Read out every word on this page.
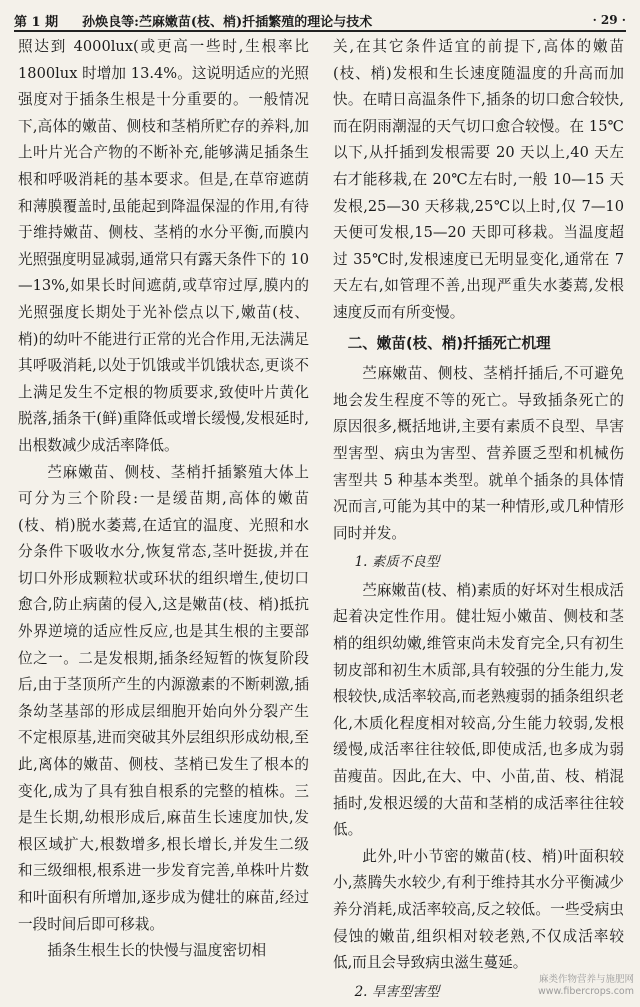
第 1 期 孙焕良等:苎麻嫩苗(枝、梢)扦插繁殖的理论与技术	· 29 ·

照达到 4000lux(或更高一些时,生根率比 1800lux 时增加 13.4%。这说明适应的光照强度对于插条生根是十分重要的。一般情况下,高体的嫩苗、侧枝和茎梢所贮存的养料,加上叶片光合产物的不断补充,能够满足插条生根和呼吸消耗的基本要求。但是,在草帘遮荫和薄膜覆盖时,虽能起到降温保湿的作用,有待于维持嫩苗、侧枝、茎梢的水分平衡,而膜内光照强度明显减弱,通常只有露天条件下的 10—13%,如果长时间遮荫,或草帘过厚,膜内的光照强度长期处于光补偿点以下,嫩苗(枝、梢)的幼叶不能进行正常的光合作用,无法满足其呼吸消耗,以处于饥饿或半饥饿状态,更谈不上满足发生不定根的物质要求,致使叶片黄化脱落,插条干(鲜)重降低或增长缓慢,发根延时,出根数减少成活率降低。

苎麻嫩苗、侧枝、茎梢扦插繁殖大体上可分为三个阶段:一是缓苗期,高体的嫩苗(枝、梢)脱水萎蔫,在适宜的温度、光照和水分条件下吸收水分,恢复常态,茎叶挺拔,并在切口外形成颗粒状或环状的组织增生,使切口愈合,防止病菌的侵入,这是嫩苗(枝、梢)抵抗外界逆境的适应性反应,也是其生根的主要部位之一。二是发根期,插条经短暂的恢复阶段后,由于茎顶所产生的内源激素的不断刺激,插条幼茎基部的形成层细胞开始向外分裂产生不定根原基,进而突破其外层组织形成幼根,至此,离体的嫩苗、侧枝、茎梢已发生了根本的变化,成为了具有独自根系的完整的植株。三是生长期,幼根形成后,麻苗生长速度加快,发根区域扩大,根数增多,根长增长,并发生二级和三级细根,根系进一步发育完善,单株叶片数和叶面积有所增加,逐步成为健壮的麻苗,经过一段时间后即可移栽。

插条生根生长的快慢与温度密切相

关,在其它条件适宜的前提下,高体的嫩苗(枝、梢)发根和生长速度随温度的升高而加快。在晴日高温条件下,插条的切口愈合较快,而在阴雨潮湿的天气切口愈合较慢。在 15℃以下,从扦插到发根需要 20 天以上,40 天左右才能移栽,在 20℃左右时,一般 10—15 天发根,25—30 天移栽,25℃以上时,仅 7—10 天便可发根,15—20 天即可移栽。当温度超过 35℃时,发根速度已无明显变化,通常在 7 天左右,如管理不善,出现严重失水萎蔫,发根速度反而有所变慢。

二、嫩苗(枝、梢)扦插死亡机理

苎麻嫩苗、侧枝、茎梢扦插后,不可避免地会发生程度不等的死亡。导致插条死亡的原因很多,概括地讲,主要有素质不良型、旱害型害型、病虫为害型、营养匮乏型和机械伤害型共 5 种基本类型。就单个插条的具体情况而言,可能为其中的某一种情形,或几种情形同时并发。

1. 素质不良型

苎麻嫩苗(枝、梢)素质的好坏对生根成活起着决定性作用。健壮短小嫩苗、侧枝和茎梢的组织幼嫩,维管束尚未发育完全,只有初生韧皮部和初生木质部,具有较强的分生能力,发根较快,成活率较高,而老熟瘦弱的插条组织老化,木质化程度相对较高,分生能力较弱,发根缓慢,成活率往往较低,即使成活,也多成为弱苗瘦苗。因此,在大、中、小苗,苗、枝、梢混插时,发根迟缓的大苗和茎梢的成活率往往较低。

此外,叶小节密的嫩苗(枝、梢)叶面积较小,蒸腾失水较少,有利于维持其水分平衡减少养分消耗,成活率较高,反之较低。一些受病虫侵蚀的嫩苗,组织相对较老熟,不仅成活率较低,而且会导致病虫滋生蔓延。

2. 旱害型害型

麻类作物营养与施肥网
www.fibercrops.com
